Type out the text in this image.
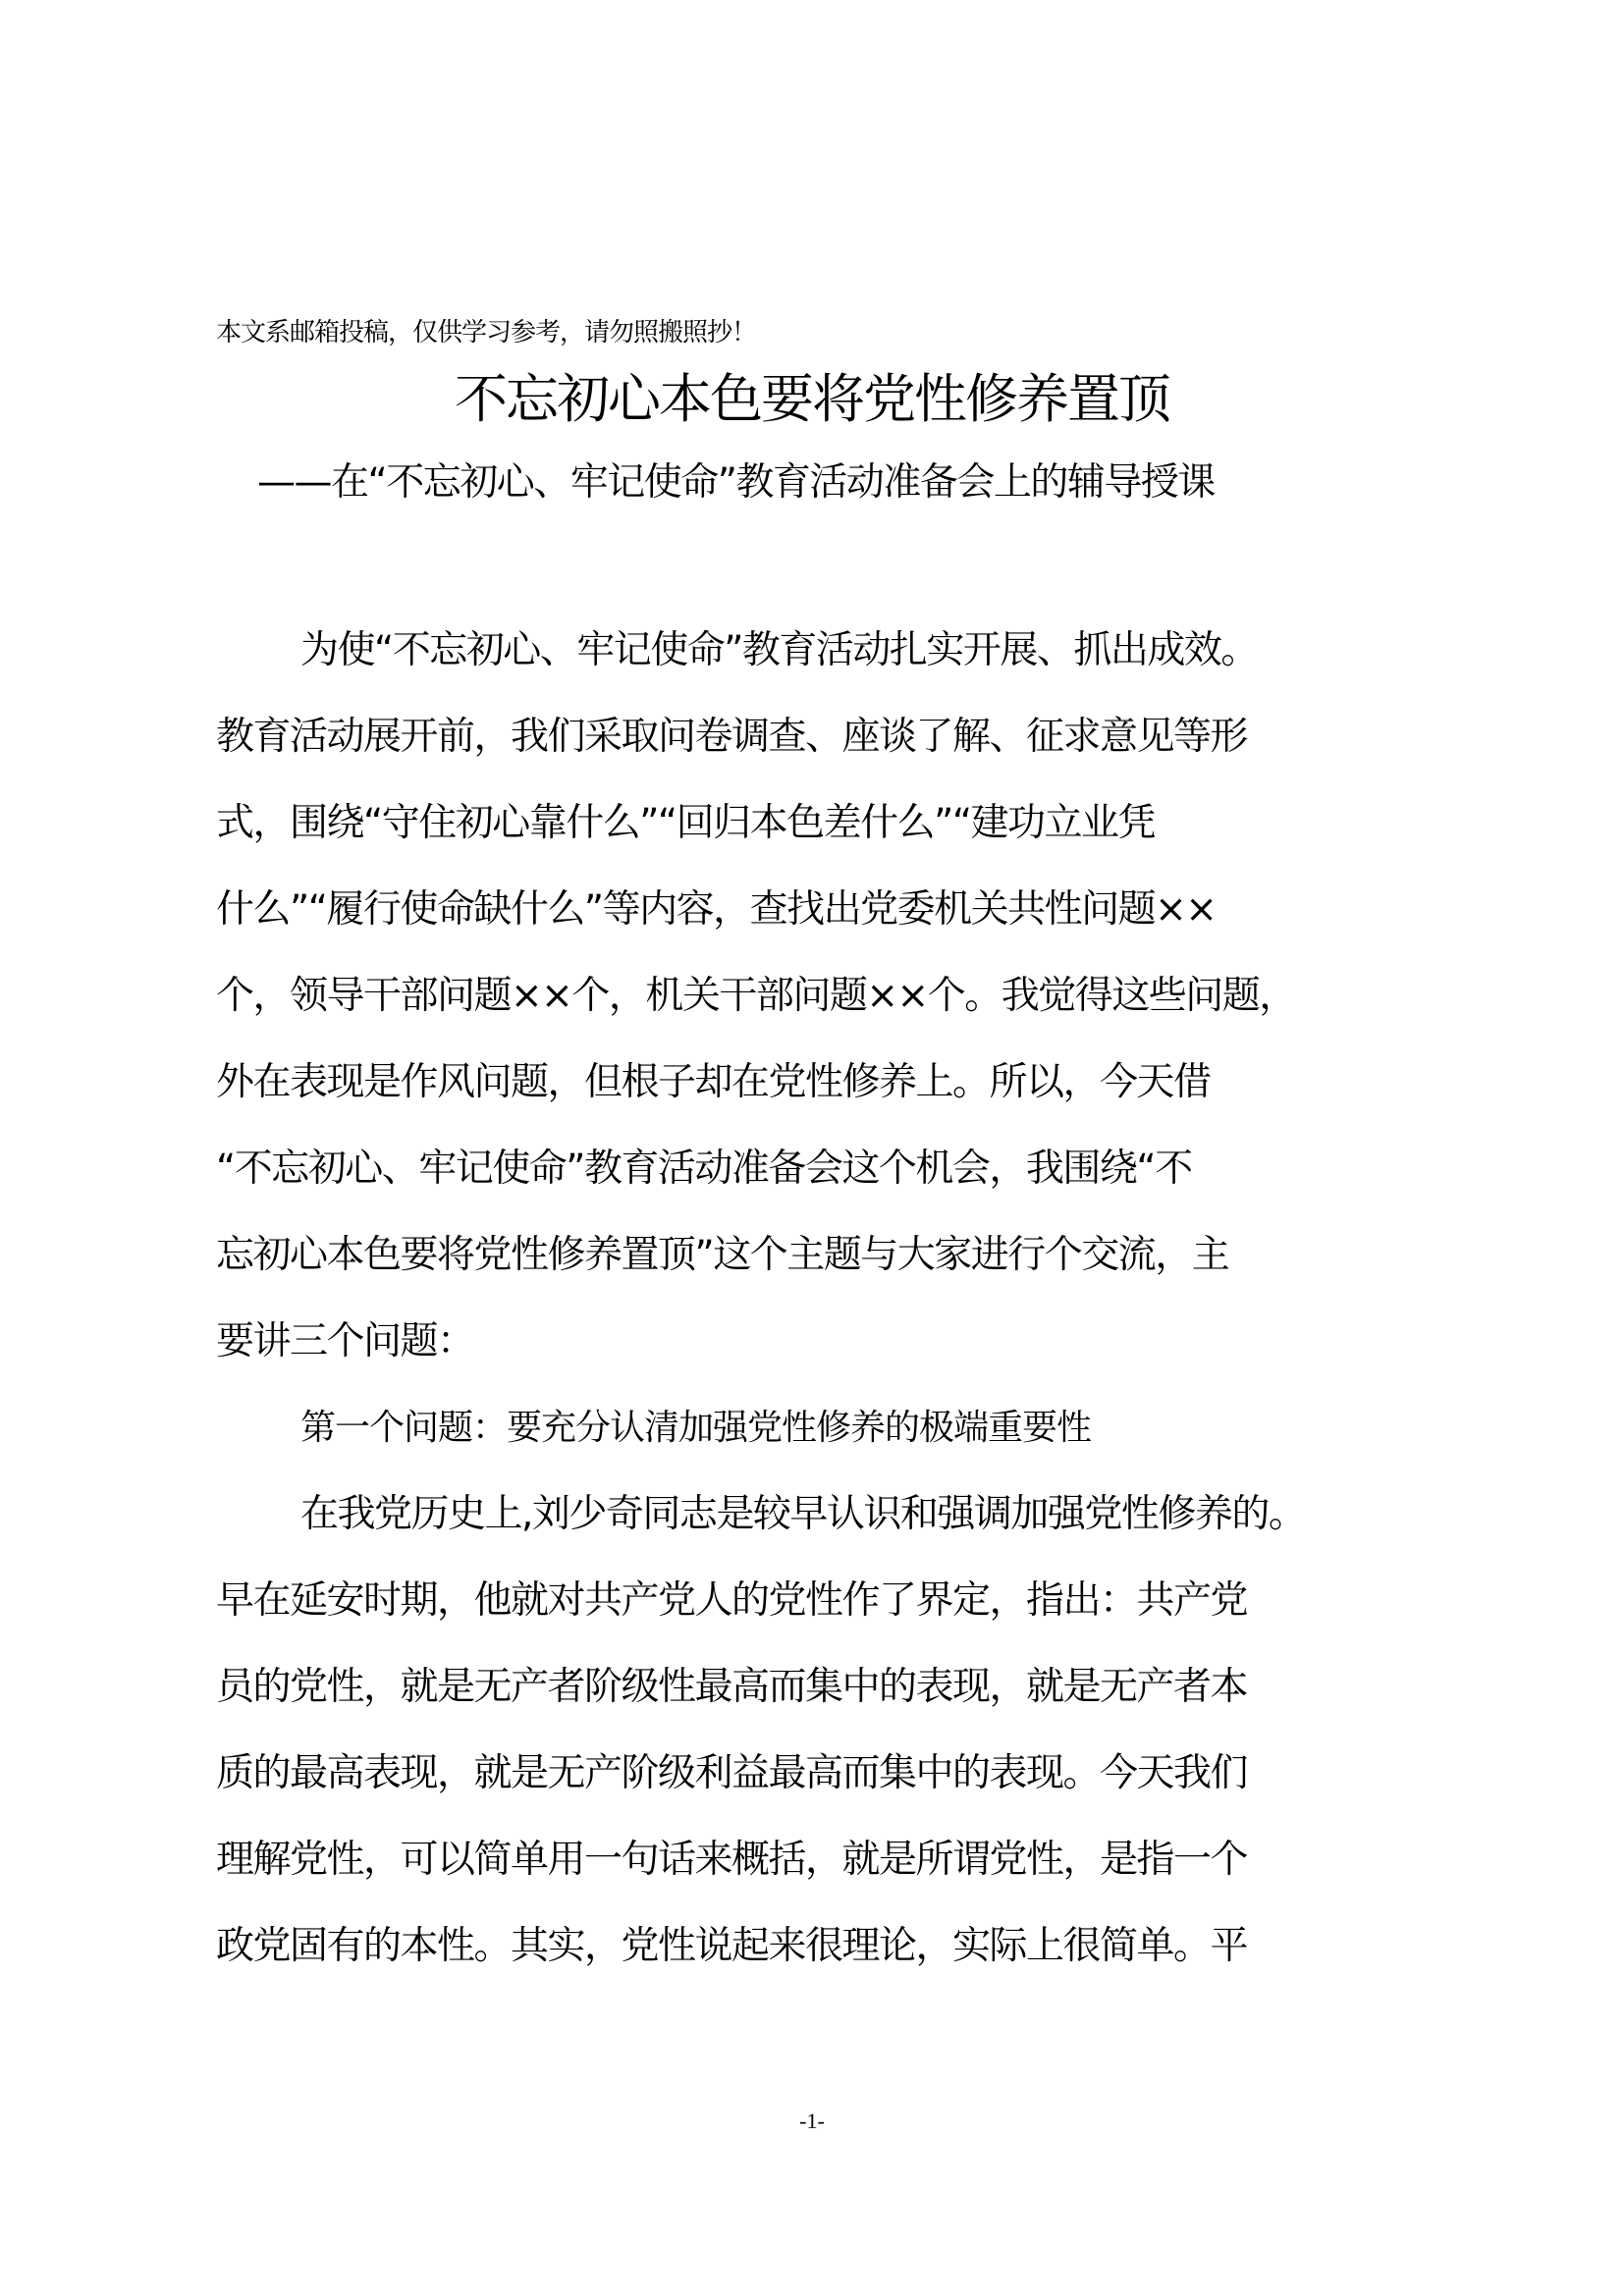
本文系邮箱投稿，仅供学习参考，请勿照搬照抄！
不忘初心本色要将党性修养置顶
——在“不忘初心、牢记使命”教育活动准备会上的辅导授课
为使“不忘初心、牢记使命”教育活动扎实开展、抓出成效。
教育活动展开前，我们采取问卷调查、座谈了解、征求意见等形
式，围绕“守住初心靠什么”“回归本色差什么”“建功立业凭
什么”“履行使命缺什么”等内容，查找出党委机关共性问题××
个，领导干部问题××个，机关干部问题××个。我觉得这些问题，
外在表现是作风问题，但根子却在党性修养上。所以，今天借
“不忘初心、牢记使命”教育活动准备会这个机会，我围绕“不
忘初心本色要将党性修养置顶”这个主题与大家进行个交流，主
要讲三个问题：
第一个问题：要充分认清加强党性修养的极端重要性
在我党历史上,刘少奇同志是较早认识和强调加强党性修养的。
早在延安时期，他就对共产党人的党性作了界定，指出：共产党
员的党性，就是无产者阶级性最高而集中的表现，就是无产者本
质的最高表现，就是无产阶级利益最高而集中的表现。今天我们
理解党性，可以简单用一句话来概括，就是所谓党性，是指一个
政党固有的本性。其实，党性说起来很理论，实际上很简单。平
-1-
